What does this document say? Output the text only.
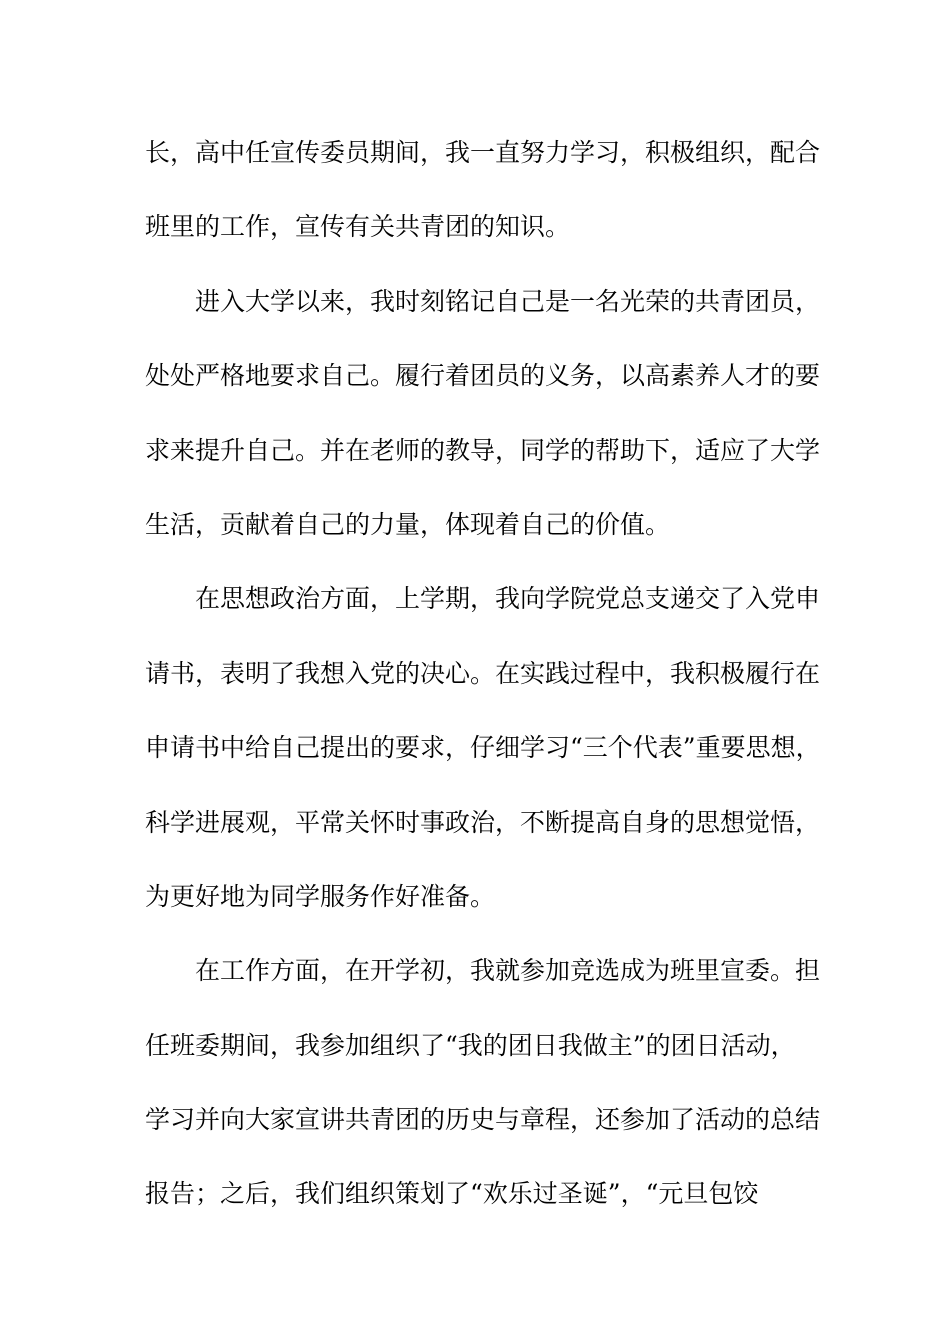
长，高中任宣传委员期间，我一直努力学习，积极组织，配合
班里的工作，宣传有关共青团的知识。
进入大学以来，我时刻铭记自己是一名光荣的共青团员，
处处严格地要求自己。履行着团员的义务，以高素养人才的要
求来提升自己。并在老师的教导，同学的帮助下，适应了大学
生活，贡献着自己的力量，体现着自己的价值。
在思想政治方面，上学期，我向学院党总支递交了入党申
请书，表明了我想入党的决心。在实践过程中，我积极履行在
申请书中给自己提出的要求，仔细学习“三个代表”重要思想，
科学进展观，平常关怀时事政治，不断提高自身的思想觉悟，
为更好地为同学服务作好准备。
在工作方面，在开学初，我就参加竞选成为班里宣委。担
任班委期间，我参加组织了“我的团日我做主”的团日活动，
学习并向大家宣讲共青团的历史与章程，还参加了活动的总结
报告；之后，我们组织策划了“欢乐过圣诞”，“元旦包饺
